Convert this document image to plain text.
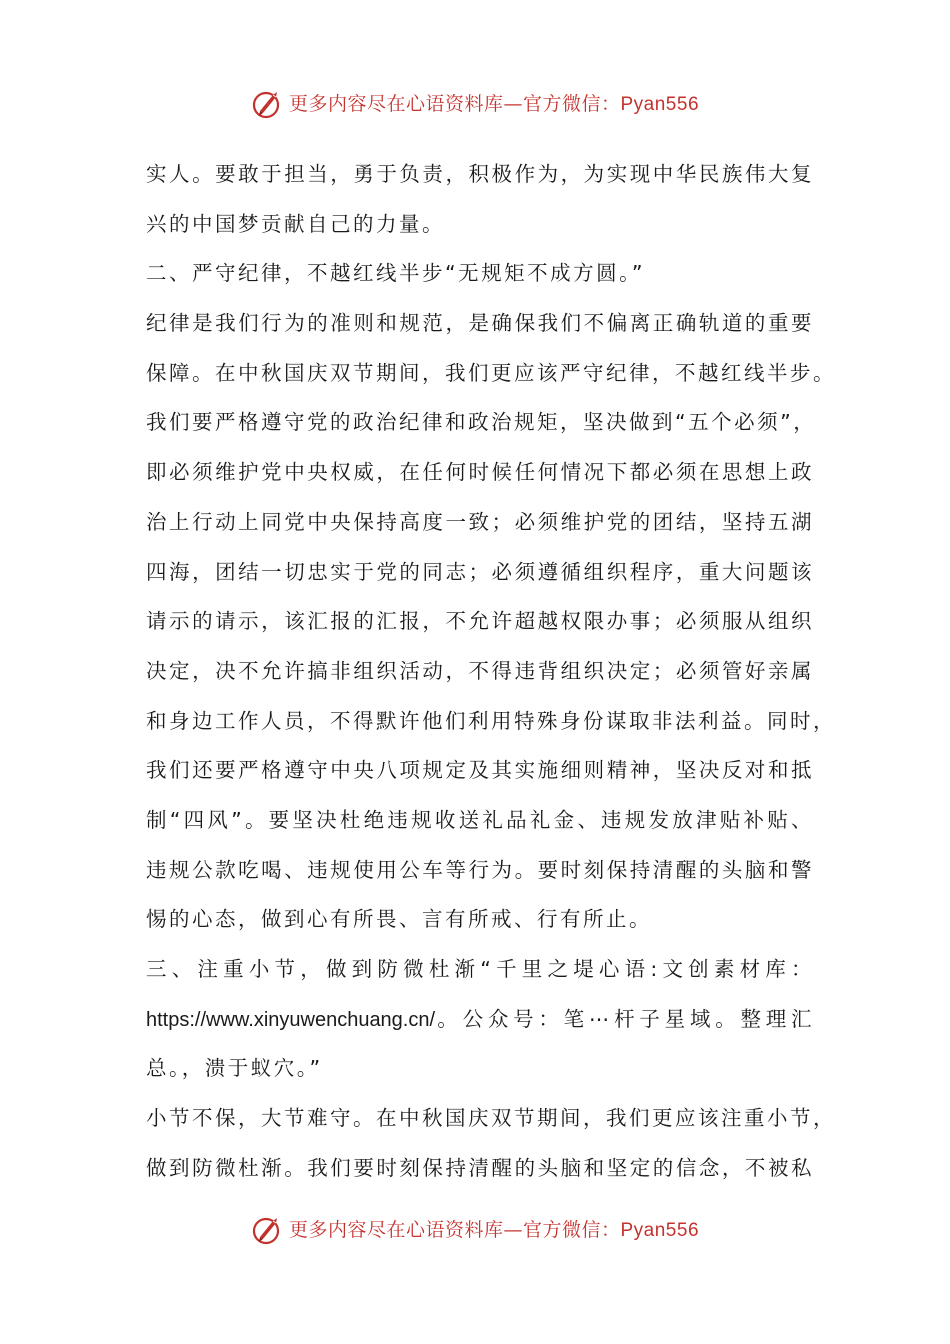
更多内容尽在心语资料库—官方微信：Pyan556
实人。要敢于担当，勇于负责，积极作为，为实现中华民族伟大复
兴的中国梦贡献自己的力量。
二、严守纪律，不越红线半步“无规矩不成方圆。”
纪律是我们行为的准则和规范，是确保我们不偏离正确轨道的重要
保障。在中秋国庆双节期间，我们更应该严守纪律，不越红线半步。
我们要严格遵守党的政治纪律和政治规矩，坚决做到“五个必须”，
即必须维护党中央权威，在任何时候任何情况下都必须在思想上政
治上行动上同党中央保持高度一致；必须维护党的团结，坚持五湖
四海，团结一切忠实于党的同志；必须遵循组织程序，重大问题该
请示的请示，该汇报的汇报，不允许超越权限办事；必须服从组织
决定，决不允许搞非组织活动，不得违背组织决定；必须管好亲属
和身边工作人员，不得默许他们利用特殊身份谋取非法利益。同时，
我们还要严格遵守中央八项规定及其实施细则精神，坚决反对和抵
制“四风”。要坚决杜绝违规收送礼品礼金、违规发放津贴补贴、
违规公款吃喝、违规使用公车等行为。要时刻保持清醒的头脑和警
惕的心态，做到心有所畏、言有所戒、行有所止。
三、注重小节，做到防微杜渐“千里之堤心语:文创素材库：
https://www.xinyuwenchuang.cn/。公众号：笔⋯杆子星域。整理汇
总。，溃于蚁穴。”
小节不保，大节难守。在中秋国庆双节期间，我们更应该注重小节，
做到防微杜渐。我们要时刻保持清醒的头脑和坚定的信念，不被私
更多内容尽在心语资料库—官方微信：Pyan556
